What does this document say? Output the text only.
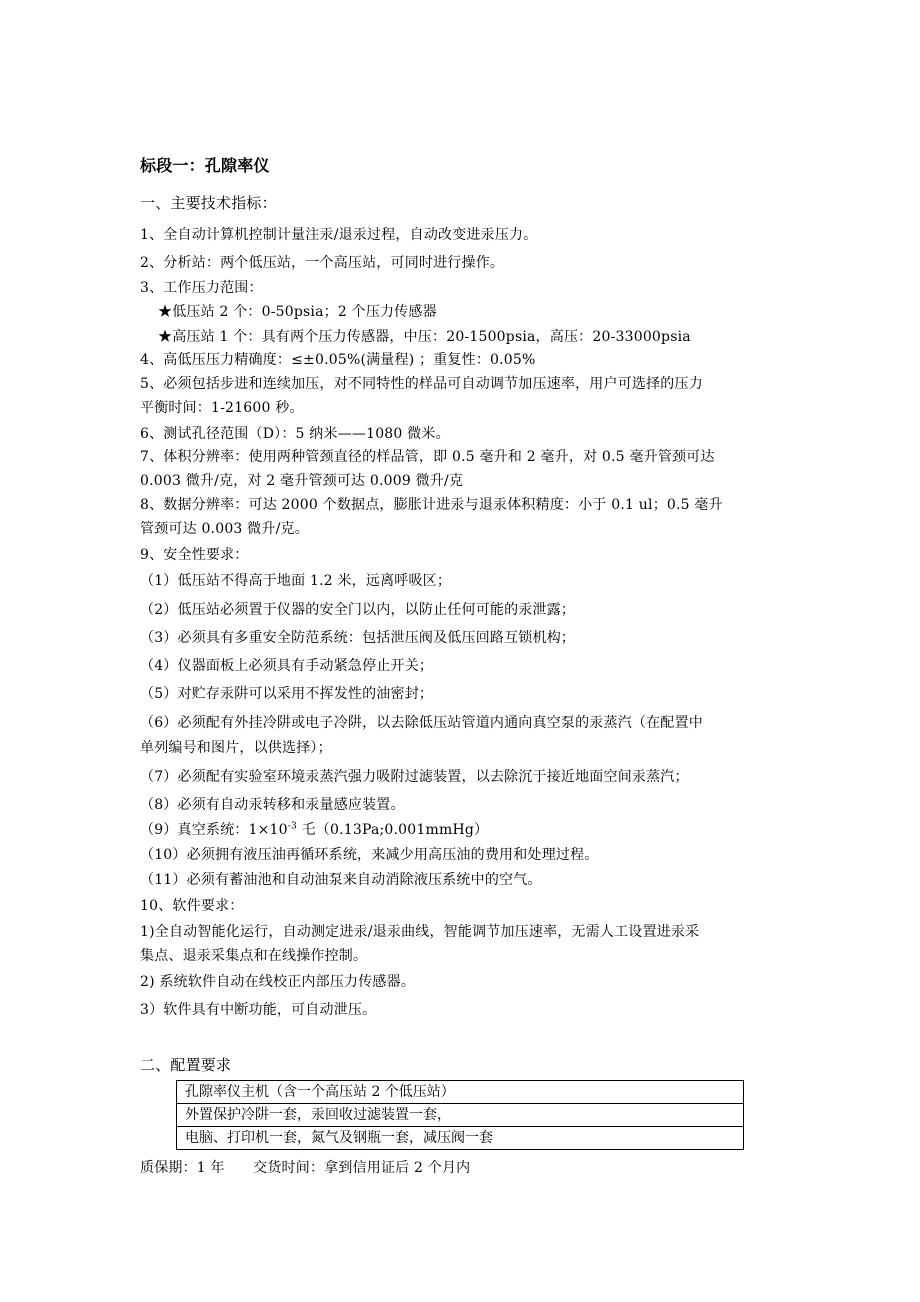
标段一：孔隙率仪
一、主要技术指标：
1、全自动计算机控制计量注汞/退汞过程，自动改变进汞压力。
2、分析站：两个低压站，一个高压站，可同时进行操作。
3、工作压力范围：
★低压站 2 个：0-50psia；2 个压力传感器
★高压站 1 个：具有两个压力传感器，中压：20-1500psia，高压：20-33000psia
4、高低压压力精确度：≤±0.05%(满量程) ；重复性：0.05%
5、必须包括步进和连续加压，对不同特性的样品可自动调节加压速率，用户可选择的压力
平衡时间：1-21600 秒。
6、测试孔径范围（D）：5 纳米——1080 微米。
7、体积分辨率：使用两种管颈直径的样品管，即 0.5 毫升和 2 毫升，对 0.5 毫升管颈可达
0.003 微升/克，对 2 毫升管颈可达 0.009 微升/克
8、数据分辨率：可达 2000 个数据点，膨胀计进汞与退汞体积精度：小于 0.1 ul；0.5 毫升
管颈可达 0.003 微升/克。
9、安全性要求：
（1）低压站不得高于地面 1.2 米，远离呼吸区；
（2）低压站必须置于仪器的安全门以内，以防止任何可能的汞泄露；
（3）必须具有多重安全防范系统：包括泄压阀及低压回路互锁机构；
（4）仪器面板上必须具有手动紧急停止开关；
（5）对贮存汞阱可以采用不挥发性的油密封；
（6）必须配有外挂冷阱或电子冷阱，以去除低压站管道内通向真空泵的汞蒸汽（在配置中
单列编号和图片，以供选择）；
（7）必须配有实验室环境汞蒸汽强力吸附过滤装置，以去除沉于接近地面空间汞蒸汽；
（8）必须有自动汞转移和汞量感应装置。
（9）真空系统：$1\times 10^{-3}$ 乇（0.13Pa;0.001mmHg）
（10）必须拥有液压油再循环系统，来减少用高压油的费用和处理过程。
（11）必须有蓄油池和自动油泵来自动消除液压系统中的空气。
10、软件要求：
1)全自动智能化运行，自动测定进汞/退汞曲线，智能调节加压速率，无需人工设置进汞采
集点、退汞采集点和在线操作控制。
2) 系统软件自动在线校正内部压力传感器。
3）软件具有中断功能，可自动泄压。
二、配置要求
孔隙率仪主机（含一个高压站 2 个低压站）
外置保护冷阱一套，汞回收过滤装置一套，
电脑、打印机一套，氮气及钢瓶一套，减压阀一套
质保期：1 年　　交货时间：拿到信用证后 2 个月内
